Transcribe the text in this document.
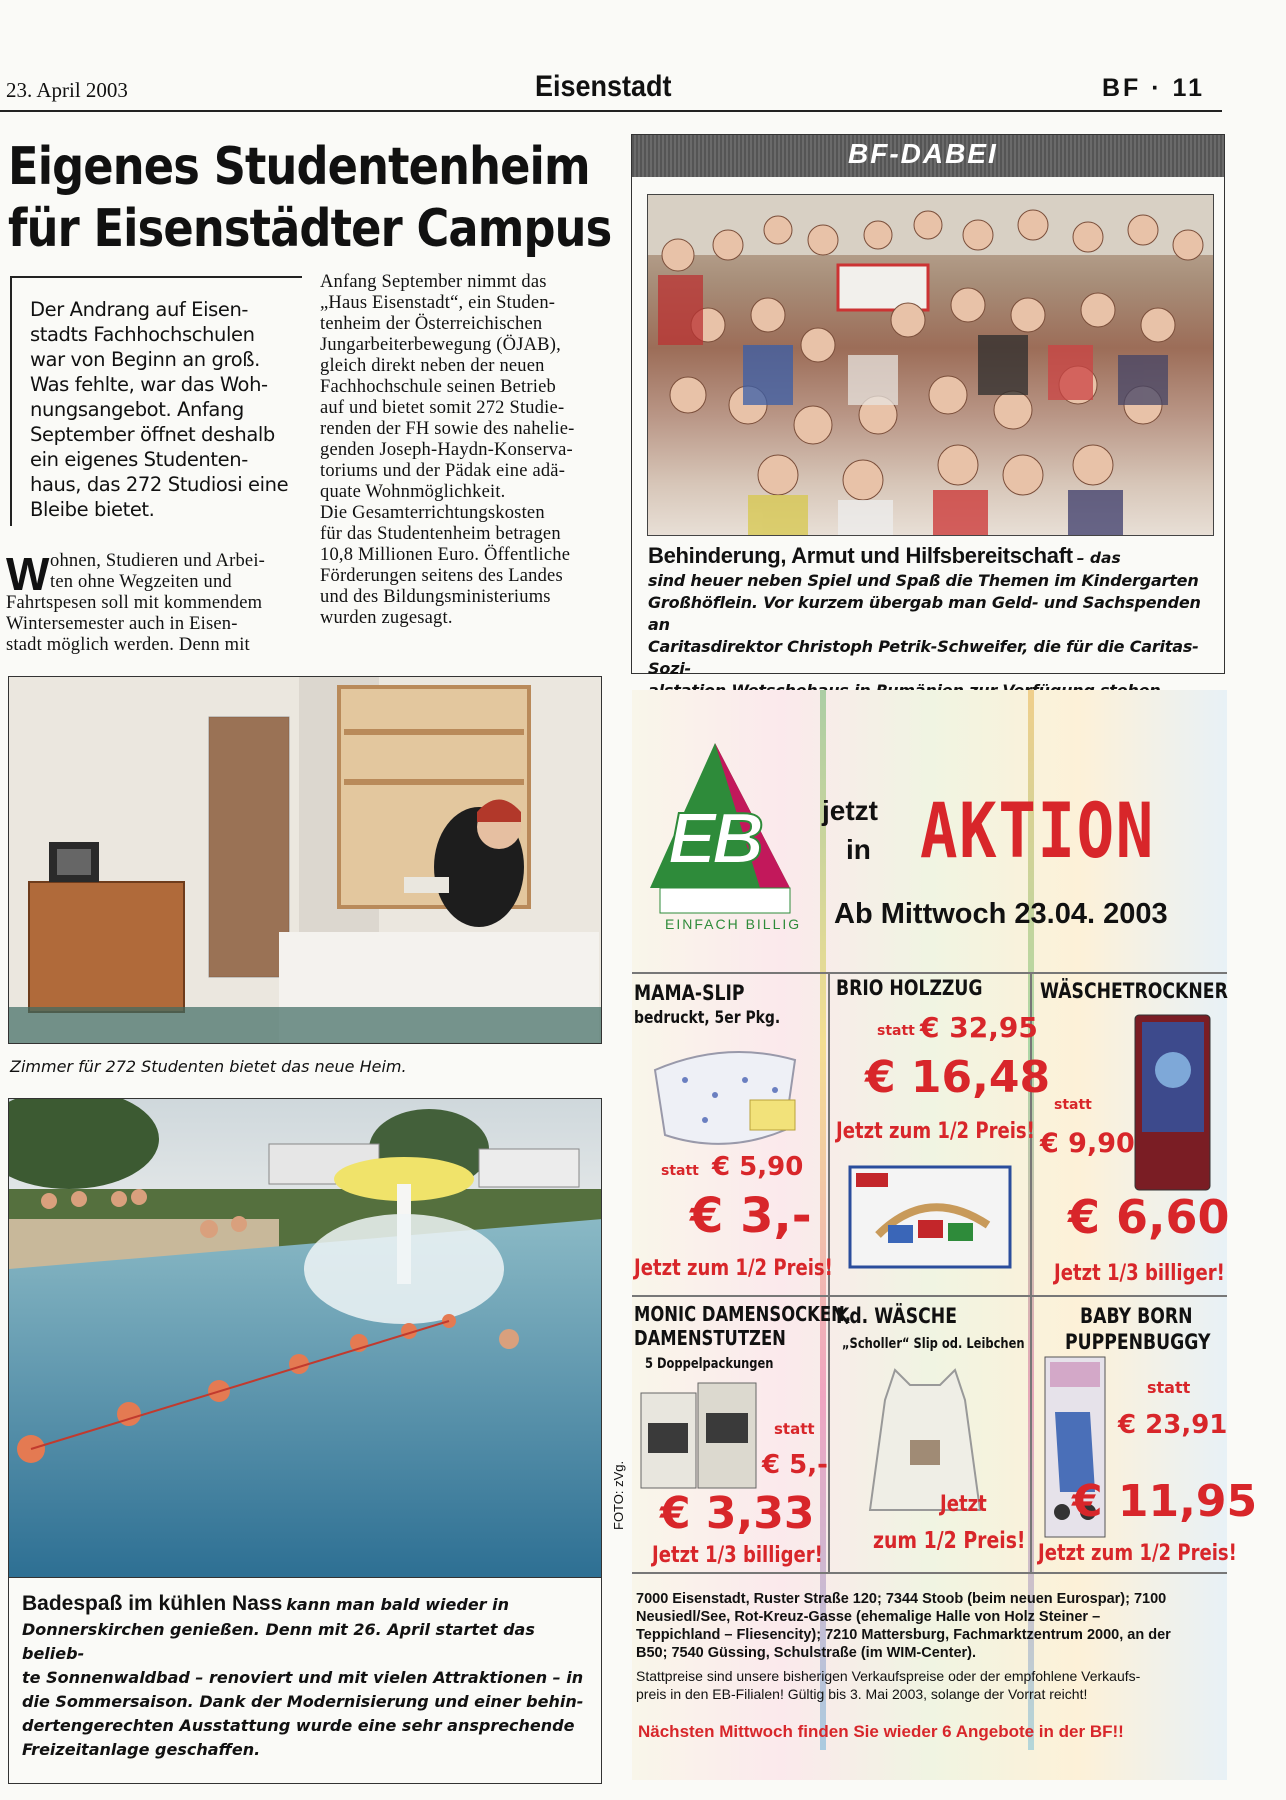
23. April 2003	Eisenstadt	BF · 11
Eigenes Studentenheim
für Eisenstädter Campus
Der Andrang auf Eisen-
stadts Fachhochschulen
war von Beginn an groß.
Was fehlte, war das Woh-
nungsangebot. Anfang
September öffnet deshalb
ein eigenes Studenten-
haus, das 272 Studiosi eine
Bleibe bietet.
W ohnen, Studieren und Arbei-
ten ohne Wegzeiten und
Fahrtspesen soll mit kommendem
Wintersemester auch in Eisen-
stadt möglich werden. Denn mit
Anfang September nimmt das
„Haus Eisenstadt“, ein Studen-
tenheim der Österreichischen
Jungarbeiterbewegung (ÖJAB),
gleich direkt neben der neuen
Fachhochschule seinen Betrieb
auf und bietet somit 272 Studie-
renden der FH sowie des nahelie-
genden Joseph-Haydn-Konserva-
toriums und der Pädak eine adä-
quate Wohnmöglichkeit.
Die Gesamterrichtungskosten
für das Studentenheim betragen
10,8 Millionen Euro. Öffentliche
Förderungen seitens des Landes
und des Bildungsministeriums
wurden zugesagt.
BF-DABEI
Behinderung, Armut und Hilfsbereitschaft – das
sind heuer neben Spiel und Spaß die Themen im Kindergarten
Großhöflein. Vor kurzem übergab man Geld- und Sachspenden an
Caritasdirektor Christoph Petrik-Schweifer, die für die Caritas-Sozi-
Zimmer für 272 Studenten bietet das neue Heim.
FOTO: zVg.
Badespaß im kühlen Nass kann man bald wieder in
Donnerskirchen genießen. Denn mit 26. April startet das belieb-
te Sonnenwaldbad – renoviert und mit vielen Attraktionen – in
die Sommersaison. Dank der Modernisierung und einer behin-
dertengerechten Ausstattung wurde eine sehr ansprechende
Freizeitanlage geschaffen.
EB
EINFACH BILLIG
jetzt
in AKTION
Ab Mittwoch 23.04. 2003
MAMA-SLIP
bedruckt, 5er Pkg.
statt € 5,90
€ 3,-
Jetzt zum 1/2 Preis!
BRIO HOLZZUG
statt € 32,95
€ 16,48
Jetzt zum 1/2 Preis!
WÄSCHETROCKNER
statt
€ 9,90
€ 6,60
Jetzt 1/3 billiger!
MONIC DAMENSOCKEN,
DAMENSTUTZEN
5 Doppelpackungen
statt
€ 5,-
€ 3,33
Jetzt 1/3 billiger!
Kd. WÄSCHE
„Scholler“ Slip od. Leibchen
Jetzt
zum 1/2 Preis!
BABY BORN
PUPPENBUGGY
statt
€ 23,91
€ 11,95
Jetzt zum 1/2 Preis!
7000 Eisenstadt, Ruster Straße 120; 7344 Stoob (beim neuen Eurospar); 7100
Neusiedl/See, Rot-Kreuz-Gasse (ehemalige Halle von Holz Steiner –
Teppichland – Fliesencity); 7210 Mattersburg, Fachmarktzentrum 2000, an der
B50; 7540 Güssing, Schulstraße (im WIM-Center).
Stattpreise sind unsere bisherigen Verkaufspreise oder der empfohlene Verkaufs-
preis in den EB-Filialen! Gültig bis 3. Mai 2003, solange der Vorrat reicht!
Nächsten Mittwoch finden Sie wieder 6 Angebote in der BF!!
